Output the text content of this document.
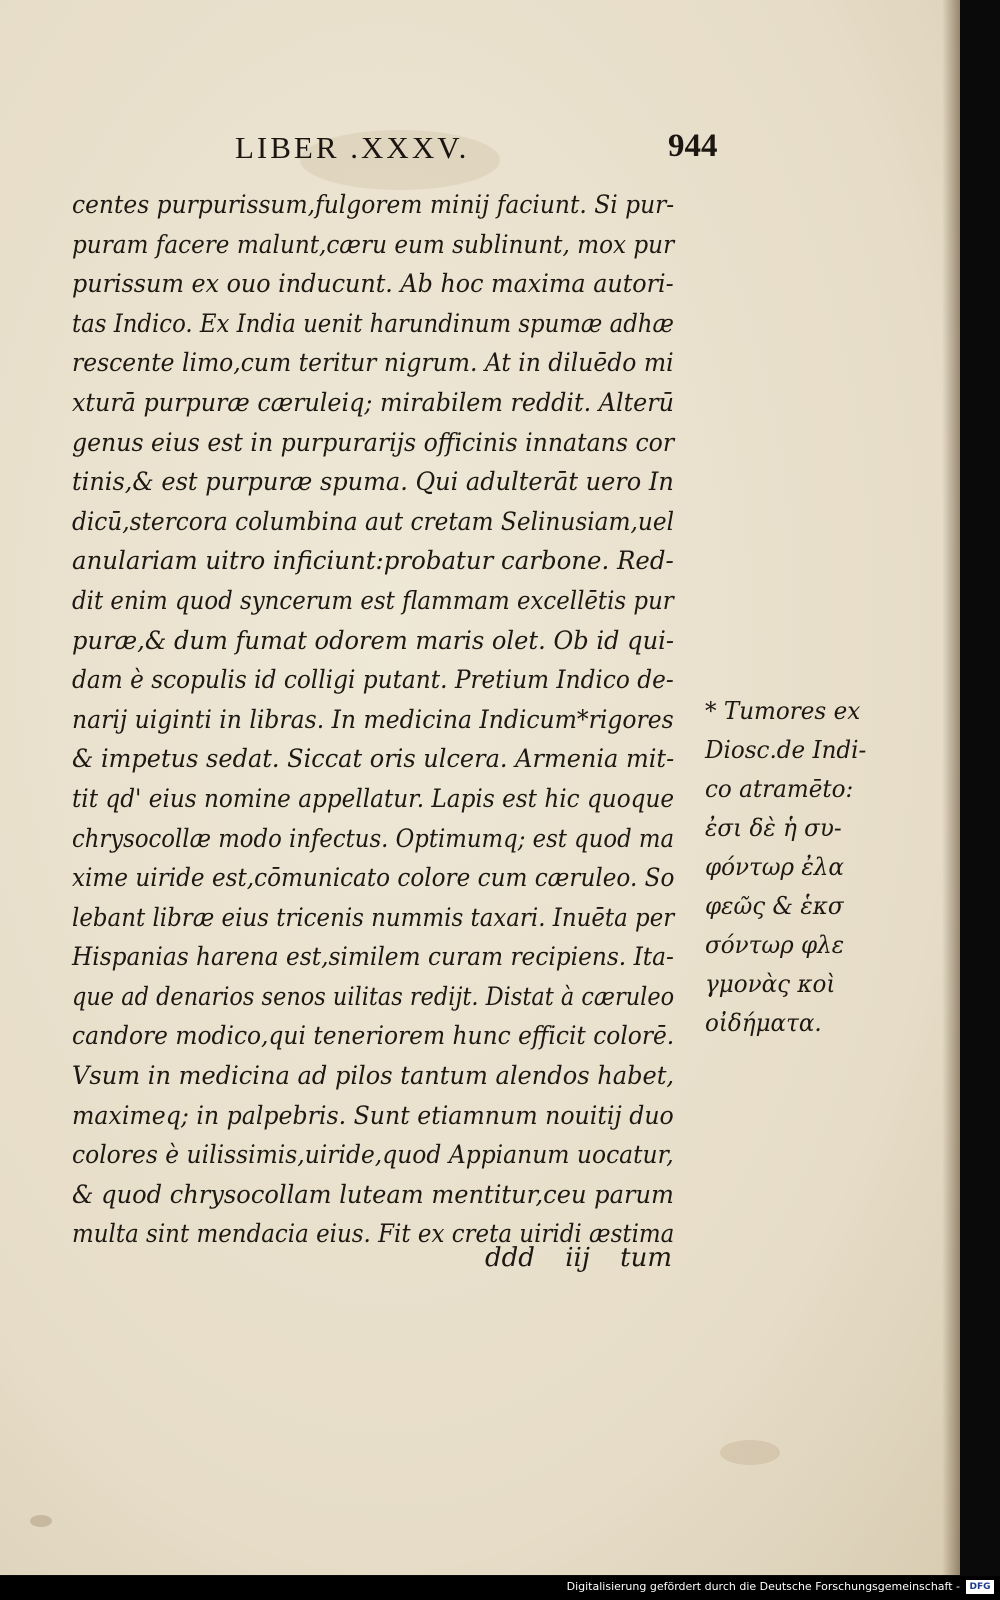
LIBER .XXXV.	944
centes purpurissum,fulgorem minij faciunt. Si pur-
puram facere malunt,cæru eum sublinunt, mox pur
purissum ex ouo inducunt. Ab hoc maxima autori-
tas Indico. Ex India uenit harundinum spumæ adhæ
rescente limo,cum teritur nigrum. At in diluēdo mi
xturā purpuræ cæruleiq; mirabilem reddit. Alterū
genus eius est in purpurarijs officinis innatans cor
tinis,& est purpuræ spuma. Qui adulterāt uero In
dicū,stercora columbina aut cretam Selinusiam,uel
anulariam uitro inficiunt:probatur carbone. Red-
dit enim quod syncerum est flammam excellētis pur
puræ,& dum fumat odorem maris olet. Ob id qui-
dam è scopulis id colligi putant. Pretium Indico de-
narij uiginti in libras. In medicina Indicum*rigores
& impetus sedat. Siccat oris ulcera. Armenia mit-
tit qd' eius nomine appellatur. Lapis est hic quoque
chrysocollæ modo infectus. Optimumq; est quod ma
xime uiride est,cōmunicato colore cum cæruleo. So
lebant libræ eius tricenis nummis taxari. Inuēta per
Hispanias harena est,similem curam recipiens. Ita-
que ad denarios senos uilitas redijt. Distat à cæruleo
candore modico,qui teneriorem hunc efficit colorē.
Vsum in medicina ad pilos tantum alendos habet,
maximeq; in palpebris. Sunt etiamnum nouitij duo
colores è uilissimis,uiride,quod Appianum uocatur,
& quod chrysocollam luteam mentitur,ceu parum
multa sint mendacia eius. Fit ex creta uiridi æstima
ddd iij tum
* Tumores ex
Diosc.de Indi-
co atramēto:
ἐσι δὲ ἡ συ-
φόντωρ ἐλα
φεῶς & ἑκσ
σόντωρ φλε
γμονὰς κοὶ
οἰδήματα.
Digitalisierung gefördert durch die Deutsche Forschungsgemeinschaft -	DFG
